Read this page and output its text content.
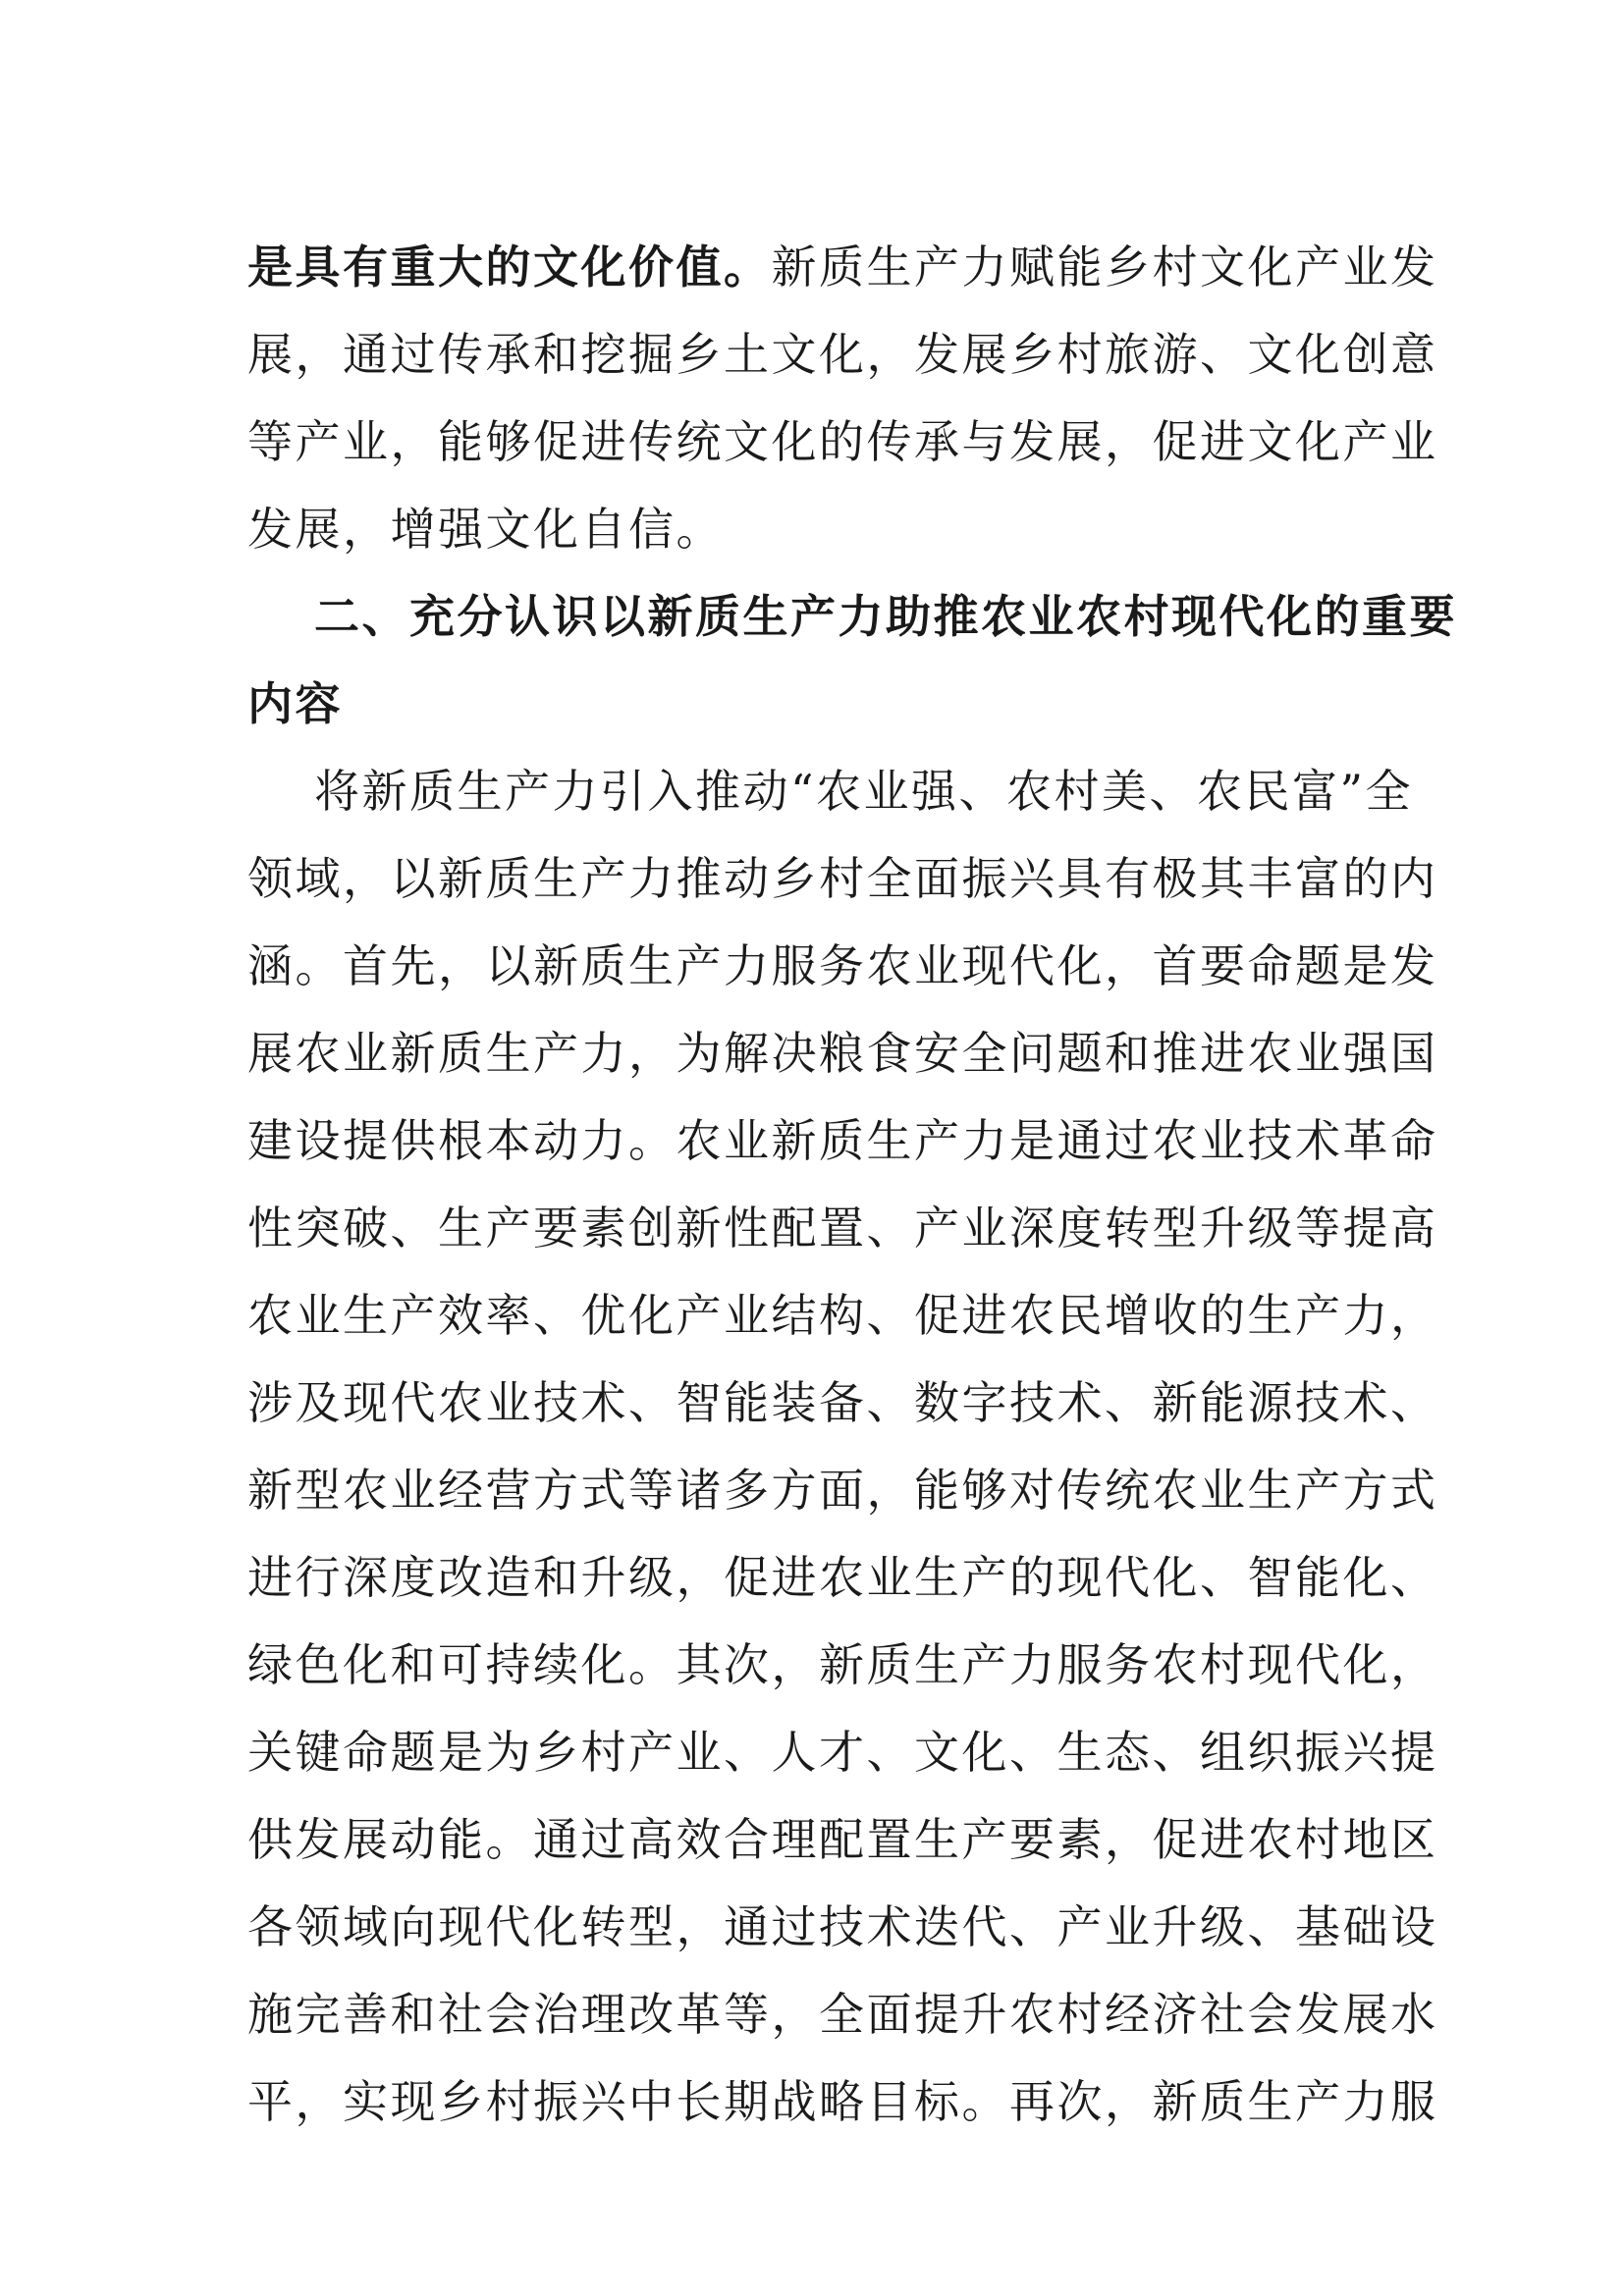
是具有重大的文化价值。新质生产力赋能乡村文化产业发
展，通过传承和挖掘乡土文化，发展乡村旅游、文化创意
等产业，能够促进传统文化的传承与发展，促进文化产业
发展，增强文化自信。
二、充分认识以新质生产力助推农业农村现代化的重要
内容
将新质生产力引入推动“农业强、农村美、农民富”全
领域，以新质生产力推动乡村全面振兴具有极其丰富的内
涵。首先，以新质生产力服务农业现代化，首要命题是发
展农业新质生产力，为解决粮食安全问题和推进农业强国
建设提供根本动力。农业新质生产力是通过农业技术革命
性突破、生产要素创新性配置、产业深度转型升级等提高
农业生产效率、优化产业结构、促进农民增收的生产力，
涉及现代农业技术、智能装备、数字技术、新能源技术、
新型农业经营方式等诸多方面，能够对传统农业生产方式
进行深度改造和升级，促进农业生产的现代化、智能化、
绿色化和可持续化。其次，新质生产力服务农村现代化，
关键命题是为乡村产业、人才、文化、生态、组织振兴提
供发展动能。通过高效合理配置生产要素，促进农村地区
各领域向现代化转型，通过技术迭代、产业升级、基础设
施完善和社会治理改革等，全面提升农村经济社会发展水
平，实现乡村振兴中长期战略目标。再次，新质生产力服
